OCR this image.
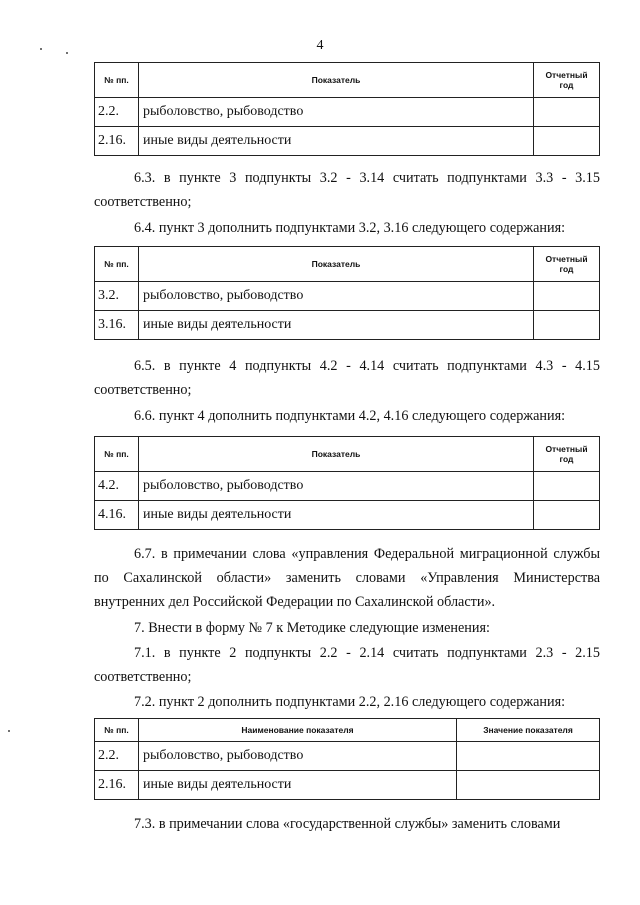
4
№ пп.	Показатель	Отчетный год
2.2.	рыболовство, рыбоводство	
2.16.	иные виды деятельности	
6.3. в пункте 3 подпункты 3.2 - 3.14 считать подпунктами 3.3 - 3.15 соответственно;
6.4. пункт 3 дополнить подпунктами 3.2, 3.16 следующего содержания:
№ пп.	Показатель	Отчетный год
3.2.	рыболовство, рыбоводство	
3.16.	иные виды деятельности	
6.5. в пункте 4 подпункты 4.2 - 4.14 считать подпунктами 4.3 - 4.15 соответственно;
6.6. пункт 4 дополнить подпунктами 4.2, 4.16 следующего содержания:
№ пп.	Показатель	Отчетный год
4.2.	рыболовство, рыбоводство	
4.16.	иные виды деятельности	
6.7. в примечании слова «управления Федеральной миграционной службы по Сахалинской области» заменить словами «Управления Министерства внутренних дел Российской Федерации по Сахалинской области».
7. Внести в форму № 7 к Методике следующие изменения:
7.1. в пункте 2 подпункты 2.2 - 2.14 считать подпунктами 2.3 - 2.15 соответственно;
7.2. пункт 2 дополнить подпунктами 2.2, 2.16 следующего содержания:
№ пп.	Наименование показателя	Значение показателя
2.2.	рыболовство, рыбоводство	
2.16.	иные виды деятельности	
7.3. в примечании слова «государственной службы» заменить словами
